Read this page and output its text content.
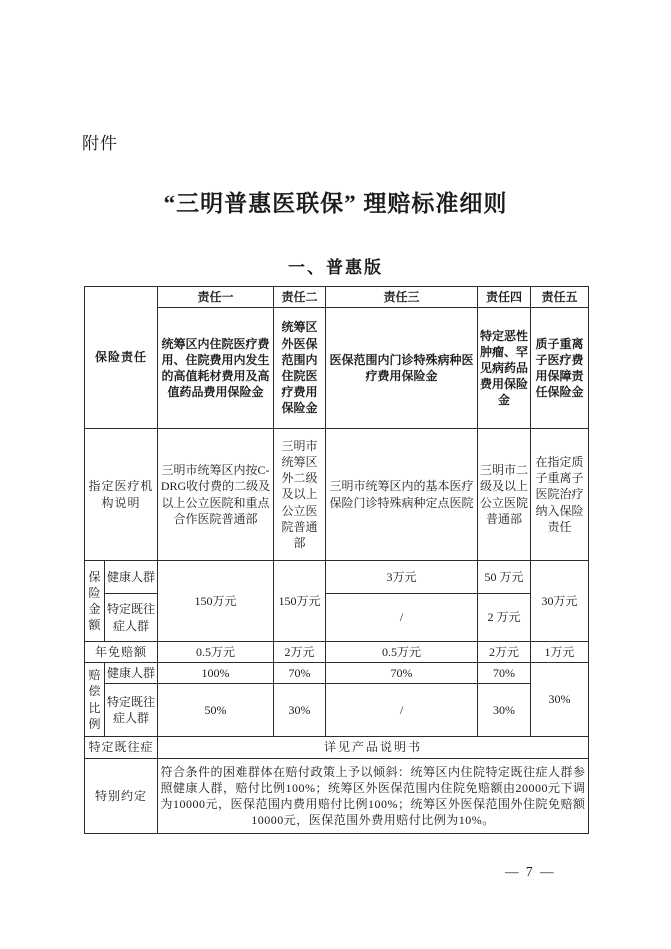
附件
“三明普惠医联保” 理赔标准细则
一、普惠版
保险责任		责任一	责任二	责任三	责任四	责任五
		统筹区内住院医疗费用、住院费用内发生的高值耗材费用及高值药品费用保险金	统筹区外医保范围内住院医疗费用保险金	医保范围内门诊特殊病种医疗费用保险金	特定恶性肿瘤、罕见病药品费用保险金	质子重离子医疗费用保障责任保险金
指定医疗机构说明		三明市统筹区内按C-DRG收付费的二级及以上公立医院和重点合作医院普通部	三明市统筹区外二级及以上公立医院普通部	三明市统筹区内的基本医疗保险门诊特殊病种定点医院	三明市二级及以上公立医院普通部	在指定质子重离子医院治疗纳入保险责任
保险金额	健康人群	150万元	150万元	3万元	50 万元	30万元
	特定既往症人群			/	2 万元	
年免赔额		0.5万元	2万元	0.5万元	2万元	1万元
赔偿比例	健康人群	100%	70%	70%	70%	30%
	特定既往症人群	50%	30%	/	30%	
特定既往症		详见产品说明书				
特别约定		符合条件的困难群体在赔付政策上予以倾斜：统筹区内住院特定既往症人群参照健康人群，赔付比例100%；统筹区外医保范围内住院免赔额由20000元下调为10000元，医保范围内费用赔付比例100%；统筹区外医保范围外住院免赔额10000元，医保范围外费用赔付比例为10%。				
— 7 —
